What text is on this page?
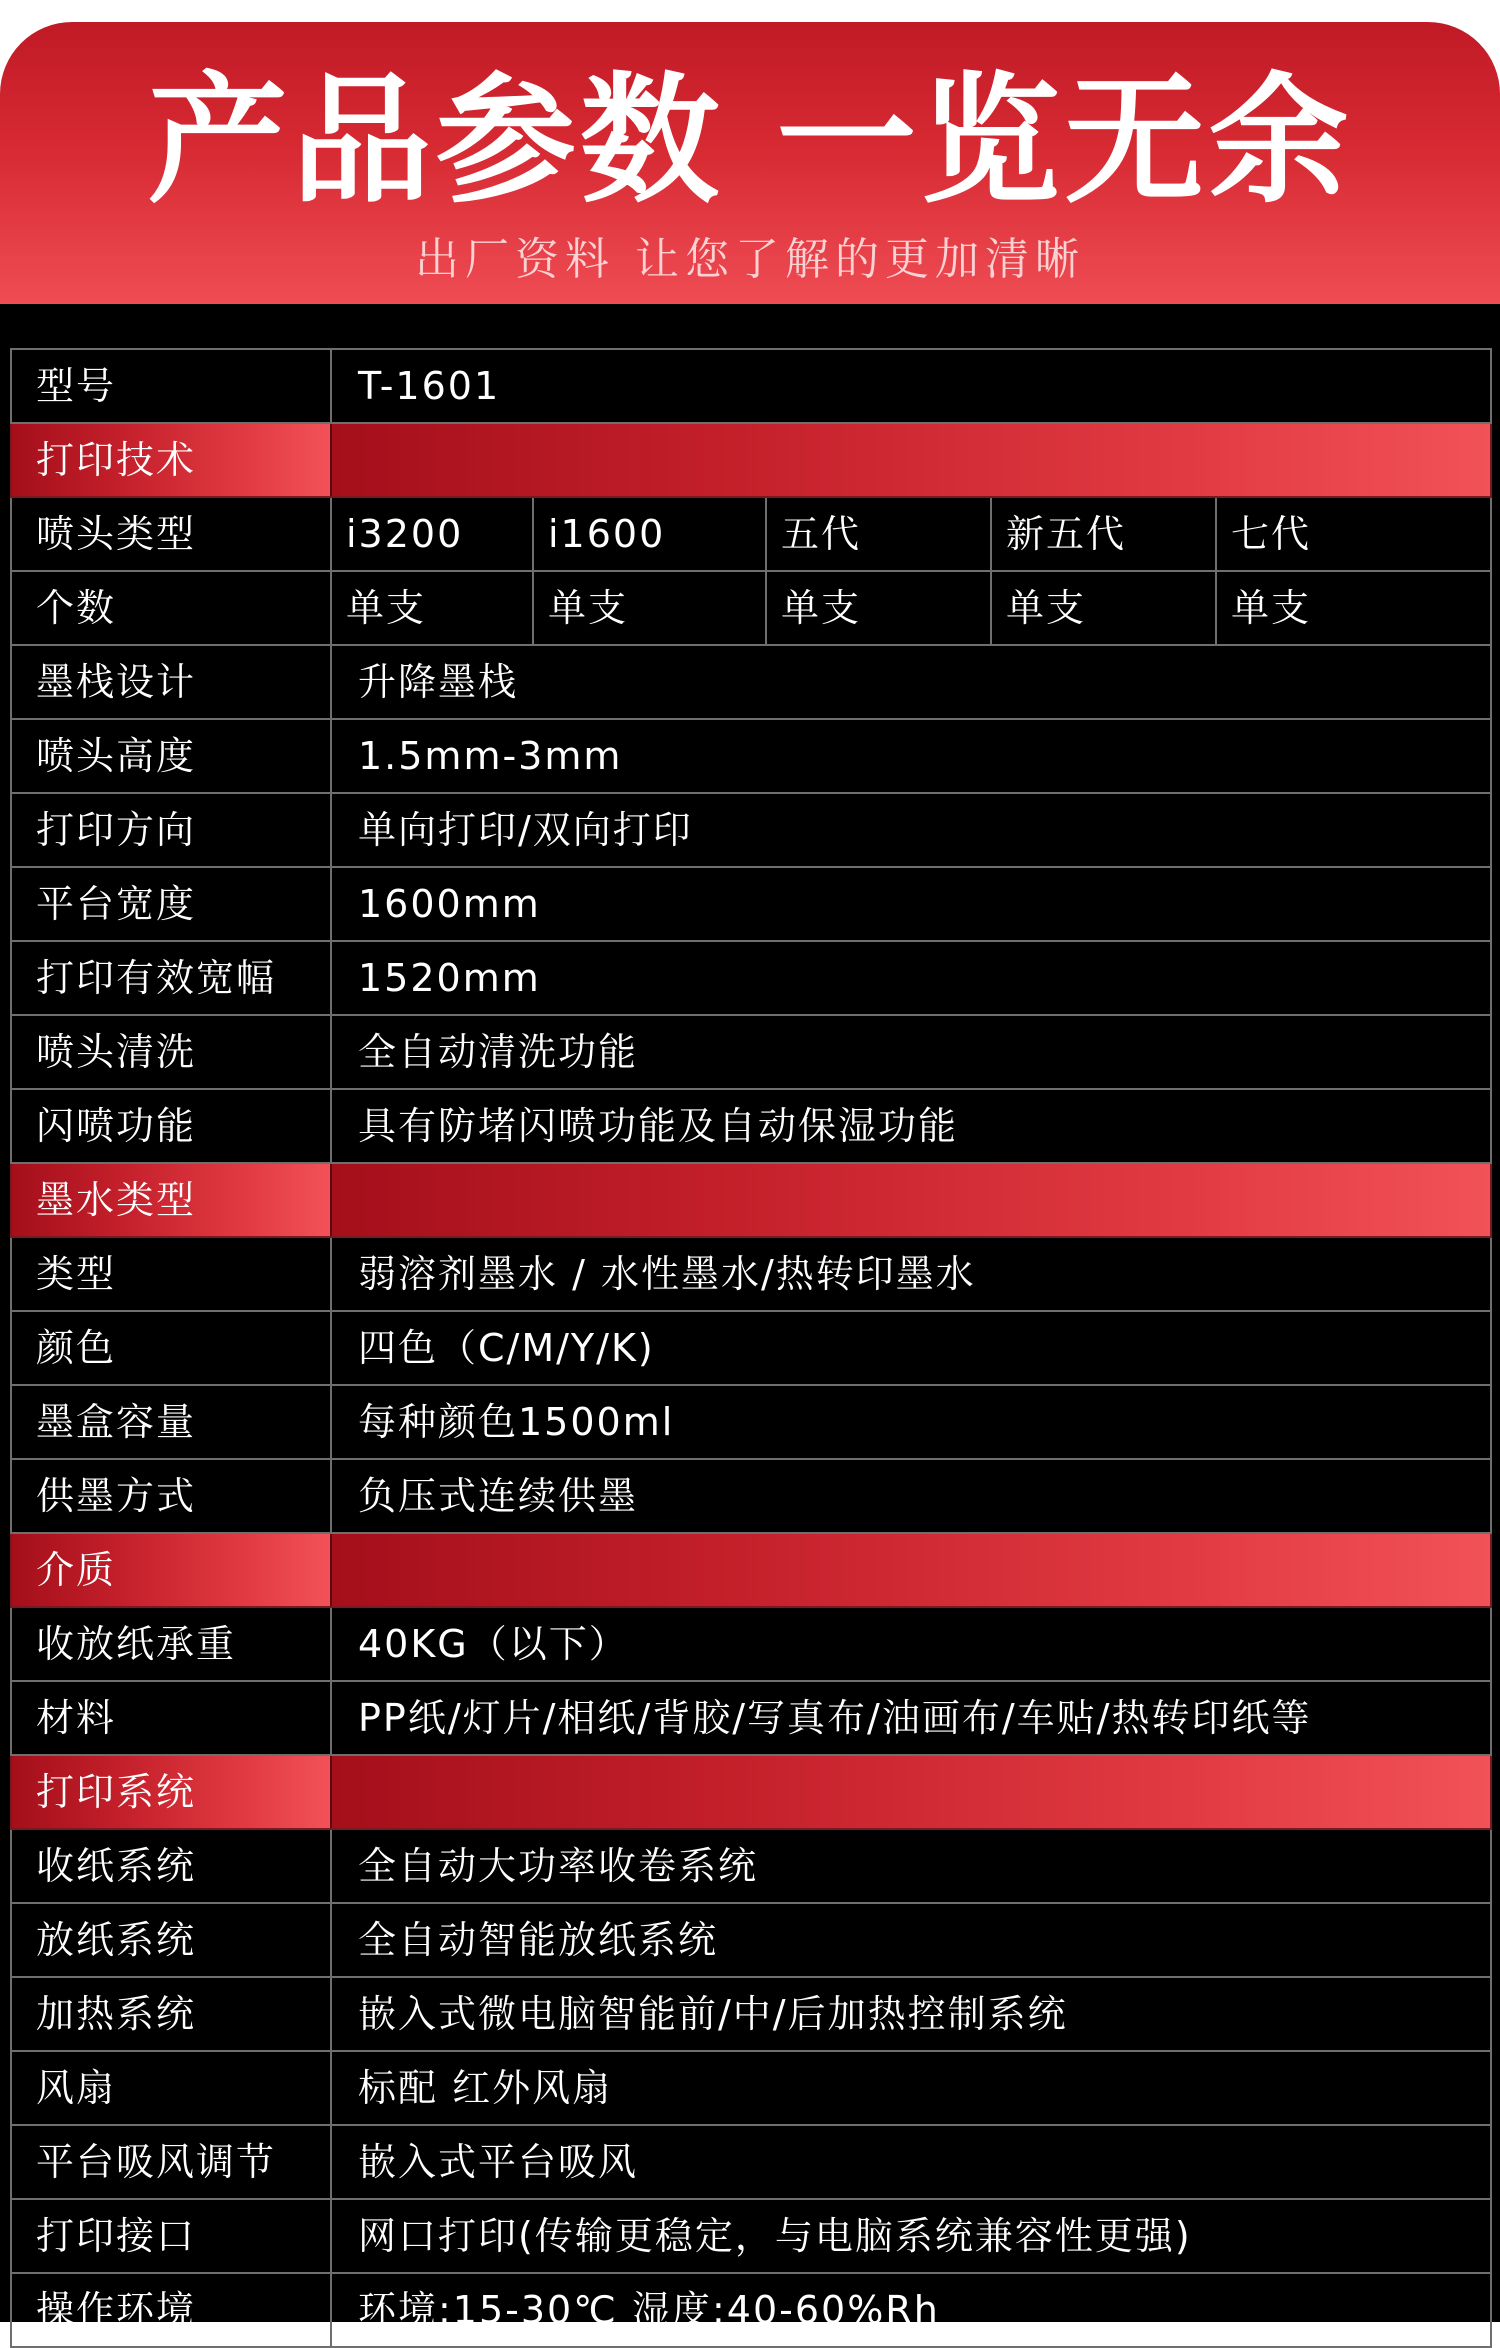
产品参数 一览无余
出厂资料 让您了解的更加清晰
型号	T-1601				
打印技术					
喷头类型	i3200	i1600	五代	新五代	七代
个数	单支	单支	单支	单支	单支
墨栈设计	升降墨栈				
喷头高度	1.5mm-3mm				
打印方向	单向打印/双向打印				
平台宽度	1600mm				
打印有效宽幅	1520mm				
喷头清洗	全自动清洗功能				
闪喷功能	具有防堵闪喷功能及自动保湿功能				
墨水类型					
类型	弱溶剂墨水 / 水性墨水/热转印墨水				
颜色	四色（C/M/Y/K)				
墨盒容量	每种颜色1500ml				
供墨方式	负压式连续供墨				
介质					
收放纸承重	40KG（以下）				
材料	PP纸/灯片/相纸/背胶/写真布/油画布/车贴/热转印纸等				
打印系统					
收纸系统	全自动大功率收卷系统				
放纸系统	全自动智能放纸系统				
加热系统	嵌入式微电脑智能前/中/后加热控制系统				
风扇	标配 红外风扇				
平台吸风调节	嵌入式平台吸风				
打印接口	网口打印(传输更稳定，与电脑系统兼容性更强)				
操作环境	环境:15-30℃ 湿度:40-60%Rh				
